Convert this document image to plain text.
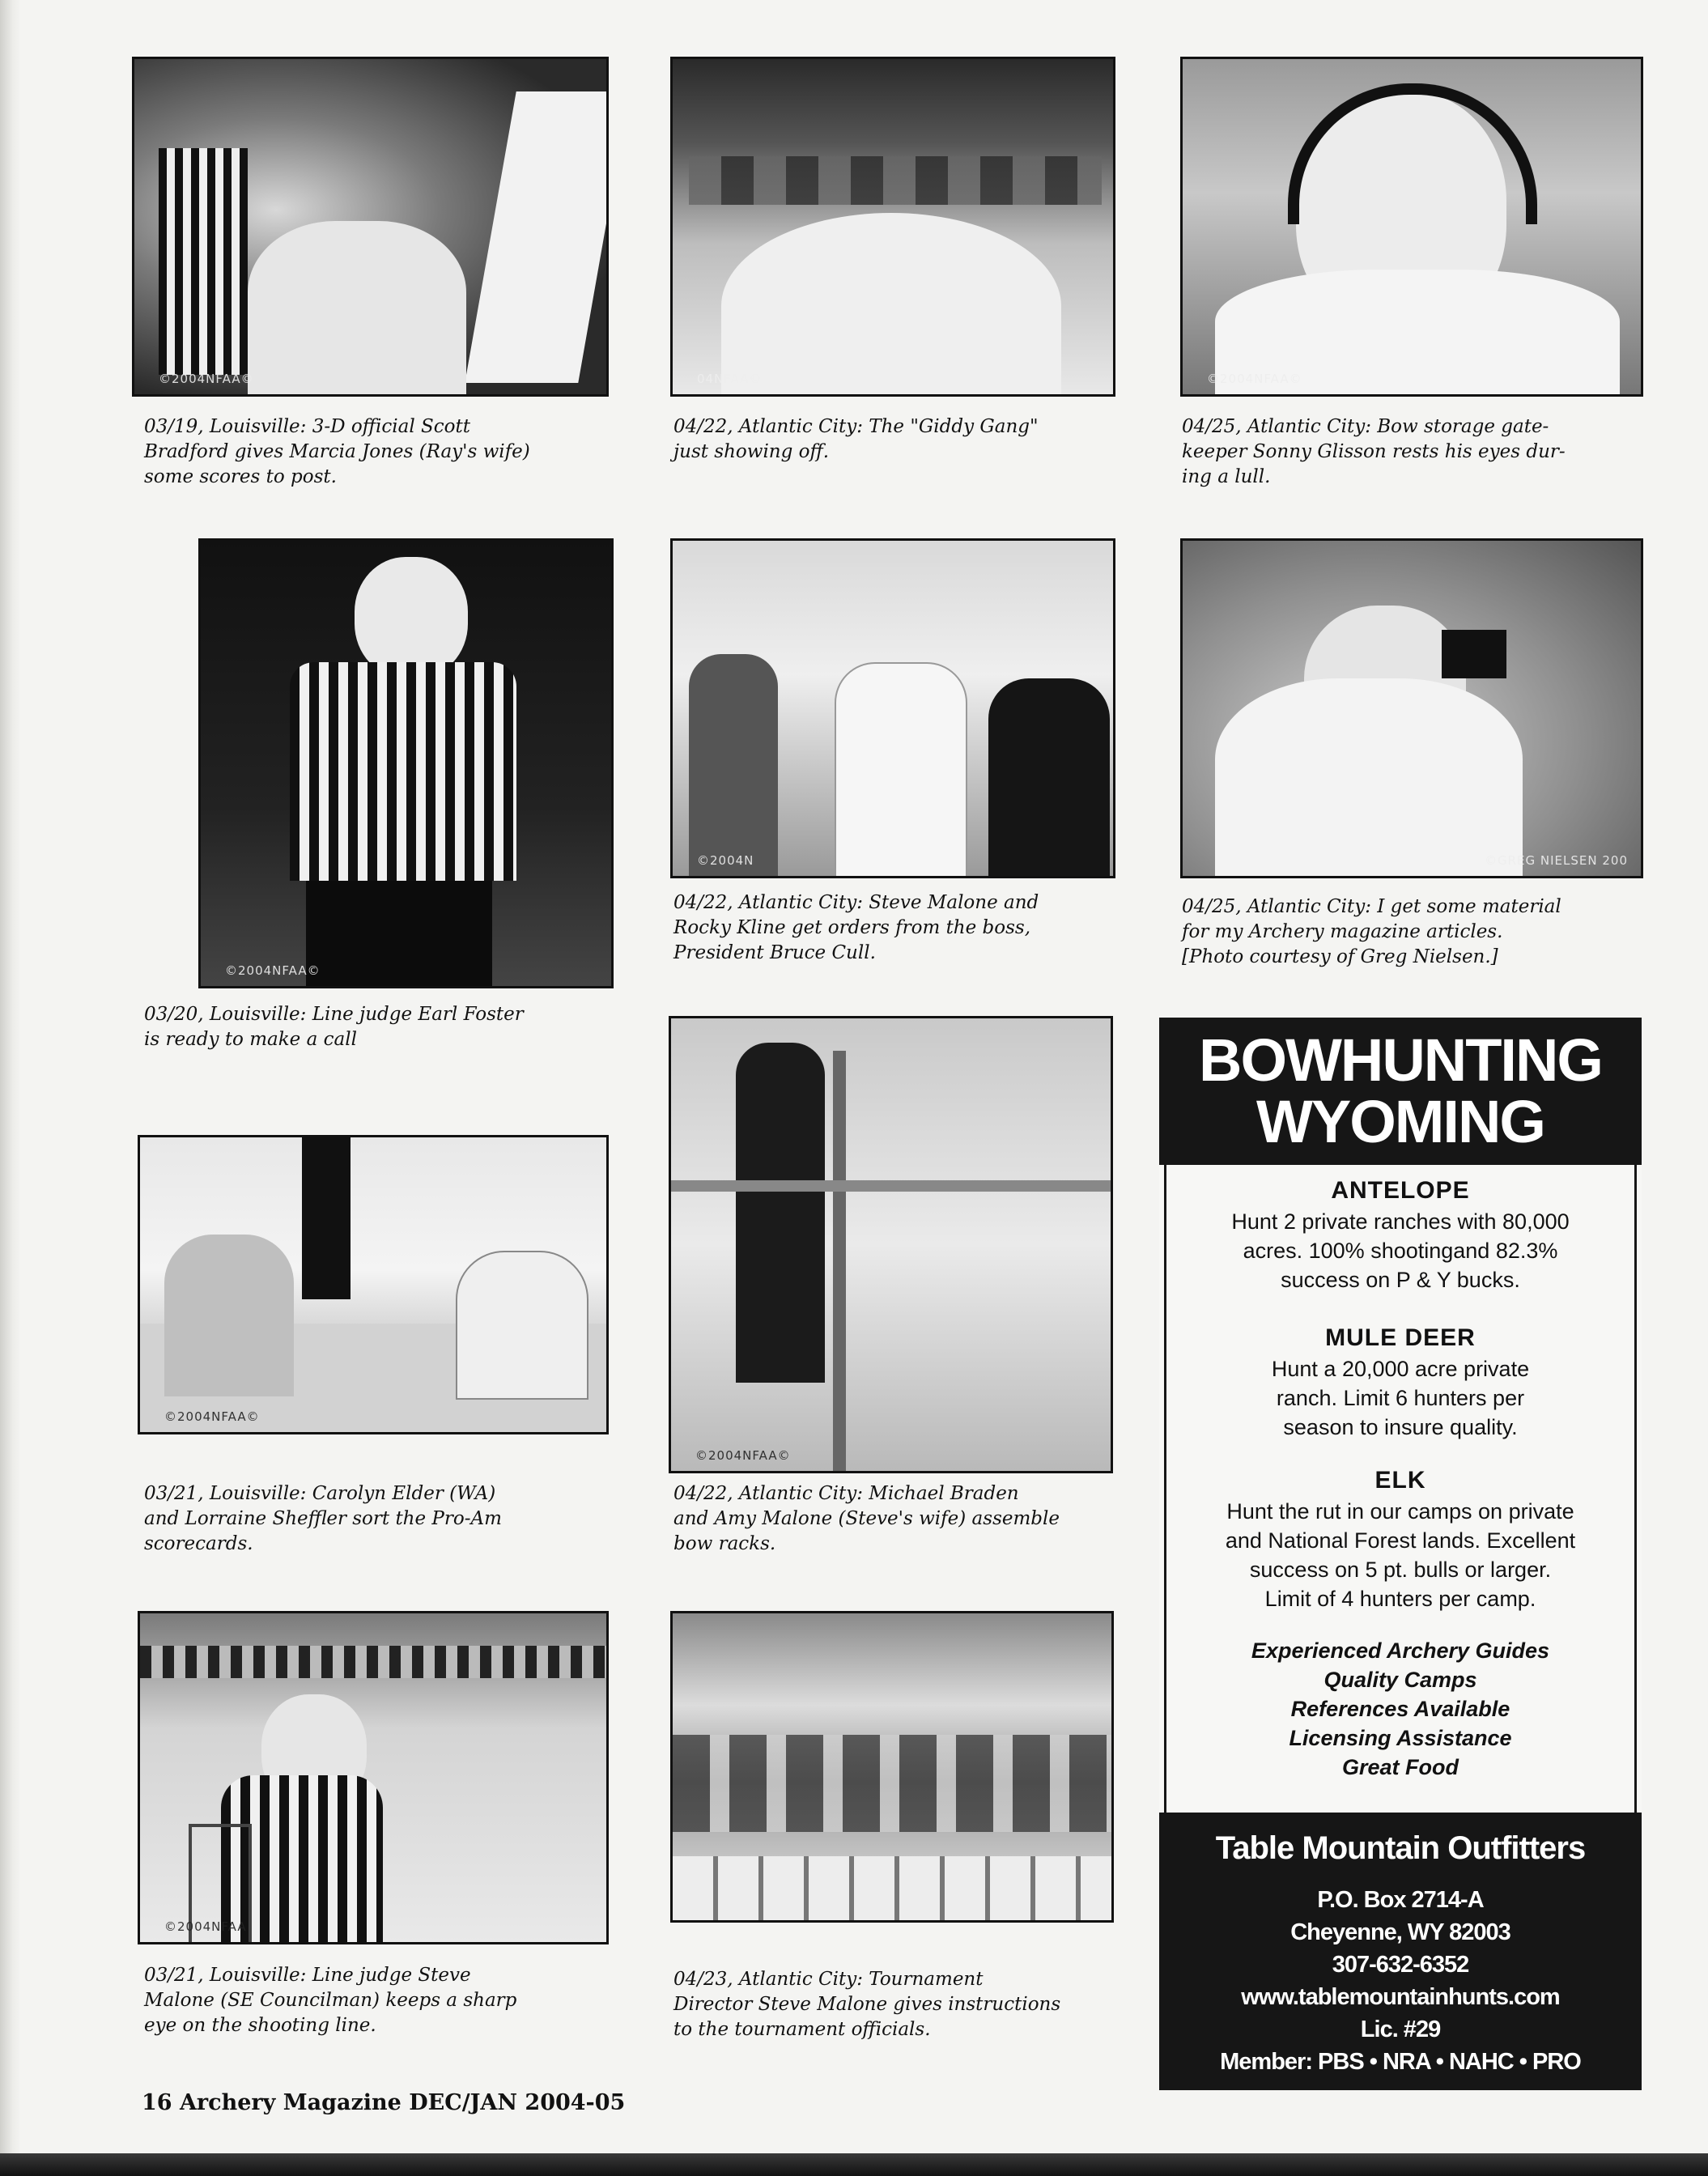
©2004NFAA©

03/19, Louisville: 3-D official Scott
Bradford gives Marcia Jones (Ray's wife)
some scores to post.

04NFAA©

04/22, Atlantic City: The "Giddy Gang"
just showing off.

©2004NFAA©

04/25, Atlantic City: Bow storage gate-
keeper Sonny Glisson rests his eyes dur-
ing a lull.

©2004NFAA©

03/20, Louisville: Line judge Earl Foster
is ready to make a call

©2004N

04/22, Atlantic City: Steve Malone and
Rocky Kline get orders from the boss,
President Bruce Cull.

©GREG NIELSEN 200

04/25, Atlantic City: I get some material
for my Archery magazine articles.
[Photo courtesy of Greg Nielsen.]

©2004NFAA©

03/21, Louisville: Carolyn Elder (WA)
and Lorraine Sheffler sort the Pro-Am
scorecards.

©2004NFAA©

04/22, Atlantic City: Michael Braden
and Amy Malone (Steve's wife) assemble
bow racks.

©2004NFAA

03/21, Louisville: Line judge Steve
Malone (SE Councilman) keeps a sharp
eye on the shooting line.

04/23, Atlantic City: Tournament
Director Steve Malone gives instructions
to the tournament officials.

BOWHUNTING
WYOMING
ANTELOPE

Hunt 2 private ranches with 80,000
acres. 100% shootingand 82.3%
success on P & Y bucks.

MULE DEER

Hunt a 20,000 acre private
ranch. Limit 6 hunters per
season to insure quality.

ELK

Hunt the rut in our camps on private
and National Forest lands. Excellent
success on 5 pt. bulls or larger.
Limit of 4 hunters per camp.

Experienced Archery Guides
Quality Camps
References Available
Licensing Assistance
Great Food
Table Mountain Outfitters
P.O. Box 2714-A
Cheyenne, WY 82003
307-632-6352
www.tablemountainhunts.com
Lic. #29
Member: PBS • NRA • NAHC • PRO

16 Archery Magazine DEC/JAN 2004-05
